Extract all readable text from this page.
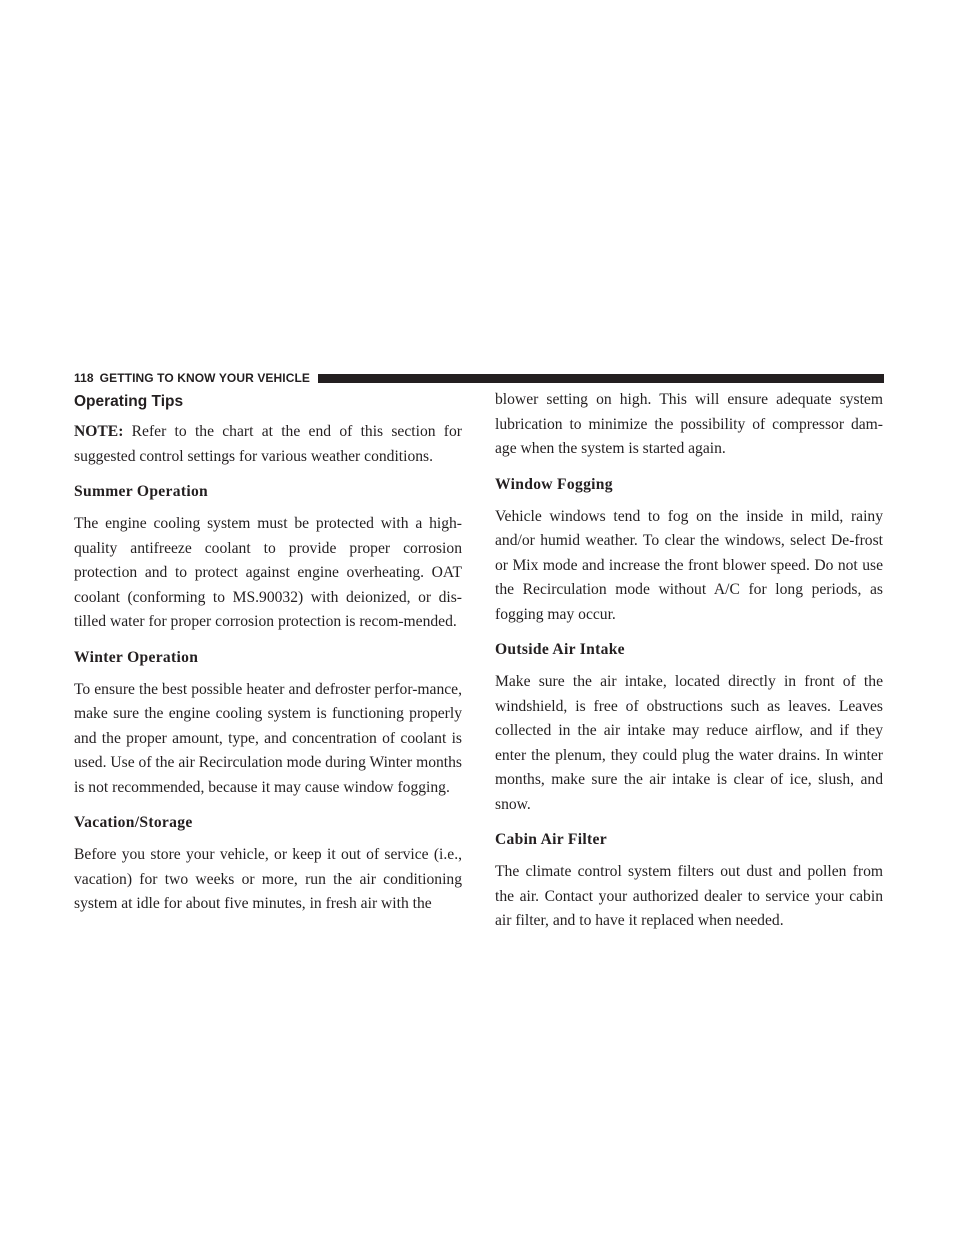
118 GETTING TO KNOW YOUR VEHICLE
Operating Tips

NOTE: Refer to the chart at the end of this section for suggested control settings for various weather conditions.

Summer Operation

The engine cooling system must be protected with a high-quality antifreeze coolant to provide proper corrosion protection and to protect against engine overheating. OAT coolant (conforming to MS.90032) with deionized, or dis-tilled water for proper corrosion protection is recom-mended.

Winter Operation

To ensure the best possible heater and defroster perfor-mance, make sure the engine cooling system is functioning properly and the proper amount, type, and concentration of coolant is used. Use of the air Recirculation mode during Winter months is not recommended, because it may cause window fogging.

Vacation/Storage

Before you store your vehicle, or keep it out of service (i.e., vacation) for two weeks or more, run the air conditioning system at idle for about five minutes, in fresh air with the

blower setting on high. This will ensure adequate system lubrication to minimize the possibility of compressor dam-age when the system is started again.

Window Fogging

Vehicle windows tend to fog on the inside in mild, rainy and/or humid weather. To clear the windows, select De-frost or Mix mode and increase the front blower speed. Do not use the Recirculation mode without A/C for long periods, as fogging may occur.

Outside Air Intake

Make sure the air intake, located directly in front of the windshield, is free of obstructions such as leaves. Leaves collected in the air intake may reduce airflow, and if they enter the plenum, they could plug the water drains. In winter months, make sure the air intake is clear of ice, slush, and snow.

Cabin Air Filter

The climate control system filters out dust and pollen from the air. Contact your authorized dealer to service your cabin air filter, and to have it replaced when needed.
